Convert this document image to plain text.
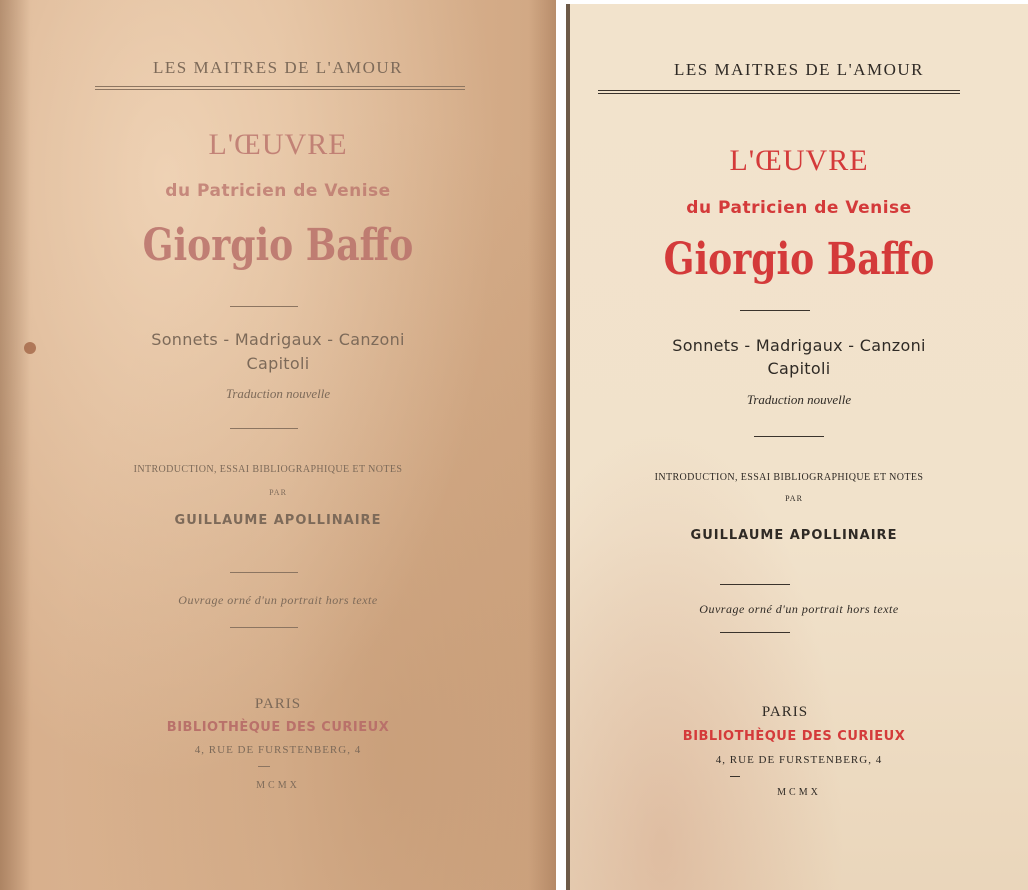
LES MAITRES DE L'AMOUR

L'ŒUVRE

du Patricien de Venise

Giorgio Baffo

Sonnets - Madrigaux - Canzoni

Capitoli

Traduction nouvelle

INTRODUCTION, ESSAI BIBLIOGRAPHIQUE ET NOTES

PAR

GUILLAUME APOLLINAIRE

Ouvrage orné d'un portrait hors texte

PARIS

BIBLIOTHÈQUE DES CURIEUX

4, RUE DE FURSTENBERG, 4

MCMX

LES MAITRES DE L'AMOUR

L'ŒUVRE

du Patricien de Venise

Giorgio Baffo

Sonnets - Madrigaux - Canzoni

Capitoli

Traduction nouvelle

INTRODUCTION, ESSAI BIBLIOGRAPHIQUE ET NOTES

PAR

GUILLAUME APOLLINAIRE

Ouvrage orné d'un portrait hors texte

PARIS

BIBLIOTHÈQUE DES CURIEUX

4, RUE DE FURSTENBERG, 4

MCMX
